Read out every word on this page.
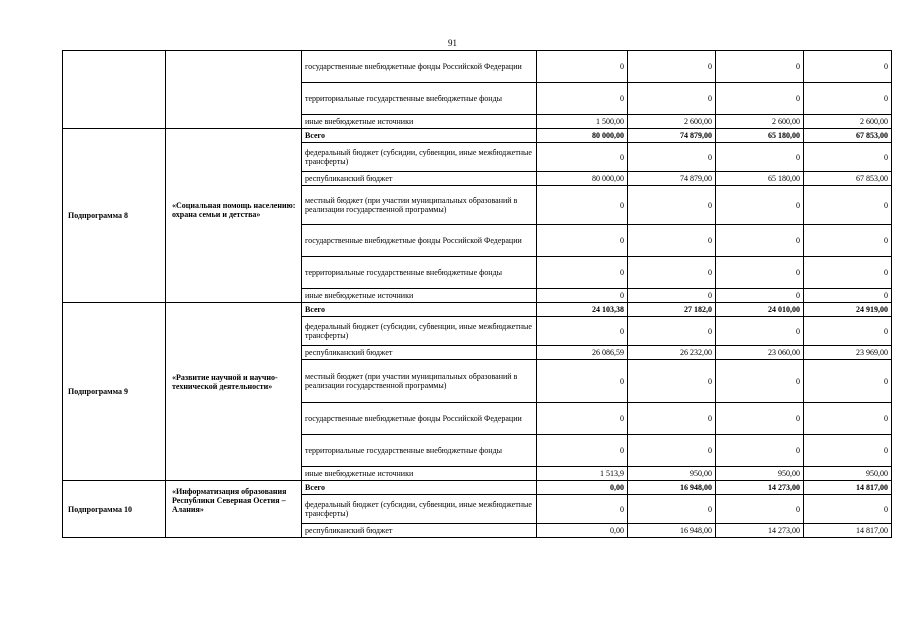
91
		государственные внебюджетные фонды Российской Федерации	0	0	0	0
		территориальные государственные внебюджетные фонды	0	0	0	0
		иные внебюджетные источники	1 500,00	2 600,00	2 600,00	2 600,00
Подпрограмма 8	«Социальная помощь населению: охрана семьи и детства»	Всего	80 000,00	74 879,00	65 180,00	67 853,00
		федеральный бюджет (субсидии, субвенции, иные межбюджетные трансферты)	0	0	0	0
		республиканский бюджет	80 000,00	74 879,00	65 180,00	67 853,00
		местный бюджет (при участии муниципальных образований в реализации государственной программы)	0	0	0	0
		государственные внебюджетные фонды Российской Федерации	0	0	0	0
		территориальные государственные внебюджетные фонды	0	0	0	0
		иные внебюджетные источники	0	0	0	0
Подпрограмма 9	«Развитие научной и научно-технической деятельности»	Всего	24 103,38	27 182,0	24 010,00	24 919,00
		федеральный бюджет (субсидии, субвенции, иные межбюджетные трансферты)	0	0	0	0
		республиканский бюджет	26 086,59	26 232,00	23 060,00	23 969,00
		местный бюджет (при участии муниципальных образований в реализации государственной программы)	0	0	0	0
		государственные внебюджетные фонды Российской Федерации	0	0	0	0
		территориальные государственные внебюджетные фонды	0	0	0	0
		иные внебюджетные источники	1 513,9	950,00	950,00	950,00
Подпрограмма 10	«Информатизация образования Республики Северная Осетия – Алания»	Всего	0,00	16 948,00	14 273,00	14 817,00
		федеральный бюджет (субсидии, субвенции, иные межбюджетные трансферты)	0	0	0	0
		республиканский бюджет	0,00	16 948,00	14 273,00	14 817,00
